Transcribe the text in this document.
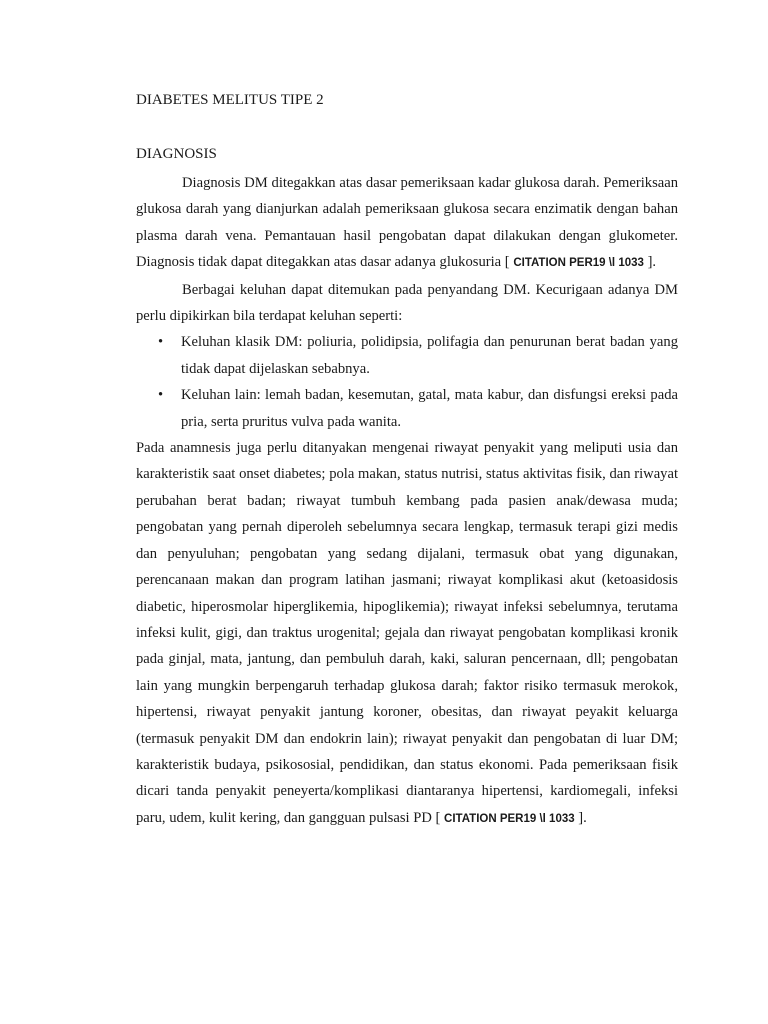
DIABETES MELITUS TIPE 2
DIAGNOSIS

Diagnosis DM ditegakkan atas dasar pemeriksaan kadar glukosa darah. Pemeriksaan glukosa darah yang dianjurkan adalah pemeriksaan glukosa secara enzimatik dengan bahan plasma darah vena. Pemantauan hasil pengobatan dapat dilakukan dengan glukometer. Diagnosis tidak dapat ditegakkan atas dasar adanya glukosuria [ CITATION PER19 \l 1033 ].

Berbagai keluhan dapat ditemukan pada penyandang DM. Kecurigaan adanya DM perlu dipikirkan bila terdapat keluhan seperti:

• Keluhan klasik DM: poliuria, polidipsia, polifagia dan penurunan berat badan yang tidak dapat dijelaskan sebabnya.
• Keluhan lain: lemah badan, kesemutan, gatal, mata kabur, dan disfungsi ereksi pada pria, serta pruritus vulva pada wanita.

Pada anamnesis juga perlu ditanyakan mengenai riwayat penyakit yang meliputi usia dan karakteristik saat onset diabetes; pola makan, status nutrisi, status aktivitas fisik, dan riwayat perubahan berat badan; riwayat tumbuh kembang pada pasien anak/dewasa muda; pengobatan yang pernah diperoleh sebelumnya secara lengkap, termasuk terapi gizi medis dan penyuluhan; pengobatan yang sedang dijalani, termasuk obat yang digunakan, perencanaan makan dan program latihan jasmani; riwayat komplikasi akut (ketoasidosis diabetic, hiperosmolar hiperglikemia, hipoglikemia); riwayat infeksi sebelumnya, terutama infeksi kulit, gigi, dan traktus urogenital; gejala dan riwayat pengobatan komplikasi kronik pada ginjal, mata, jantung, dan pembuluh darah, kaki, saluran pencernaan, dll; pengobatan lain yang mungkin berpengaruh terhadap glukosa darah; faktor risiko termasuk merokok, hipertensi, riwayat penyakit jantung koroner, obesitas, dan riwayat peyakit keluarga (termasuk penyakit DM dan endokrin lain); riwayat penyakit dan pengobatan di luar DM; karakteristik budaya, psikososial, pendidikan, dan status ekonomi. Pada pemeriksaan fisik dicari tanda penyakit peneyerta/komplikasi diantaranya hipertensi, kardiomegali, infeksi paru, udem, kulit kering, dan gangguan pulsasi PD [ CITATION PER19 \l 1033 ].
